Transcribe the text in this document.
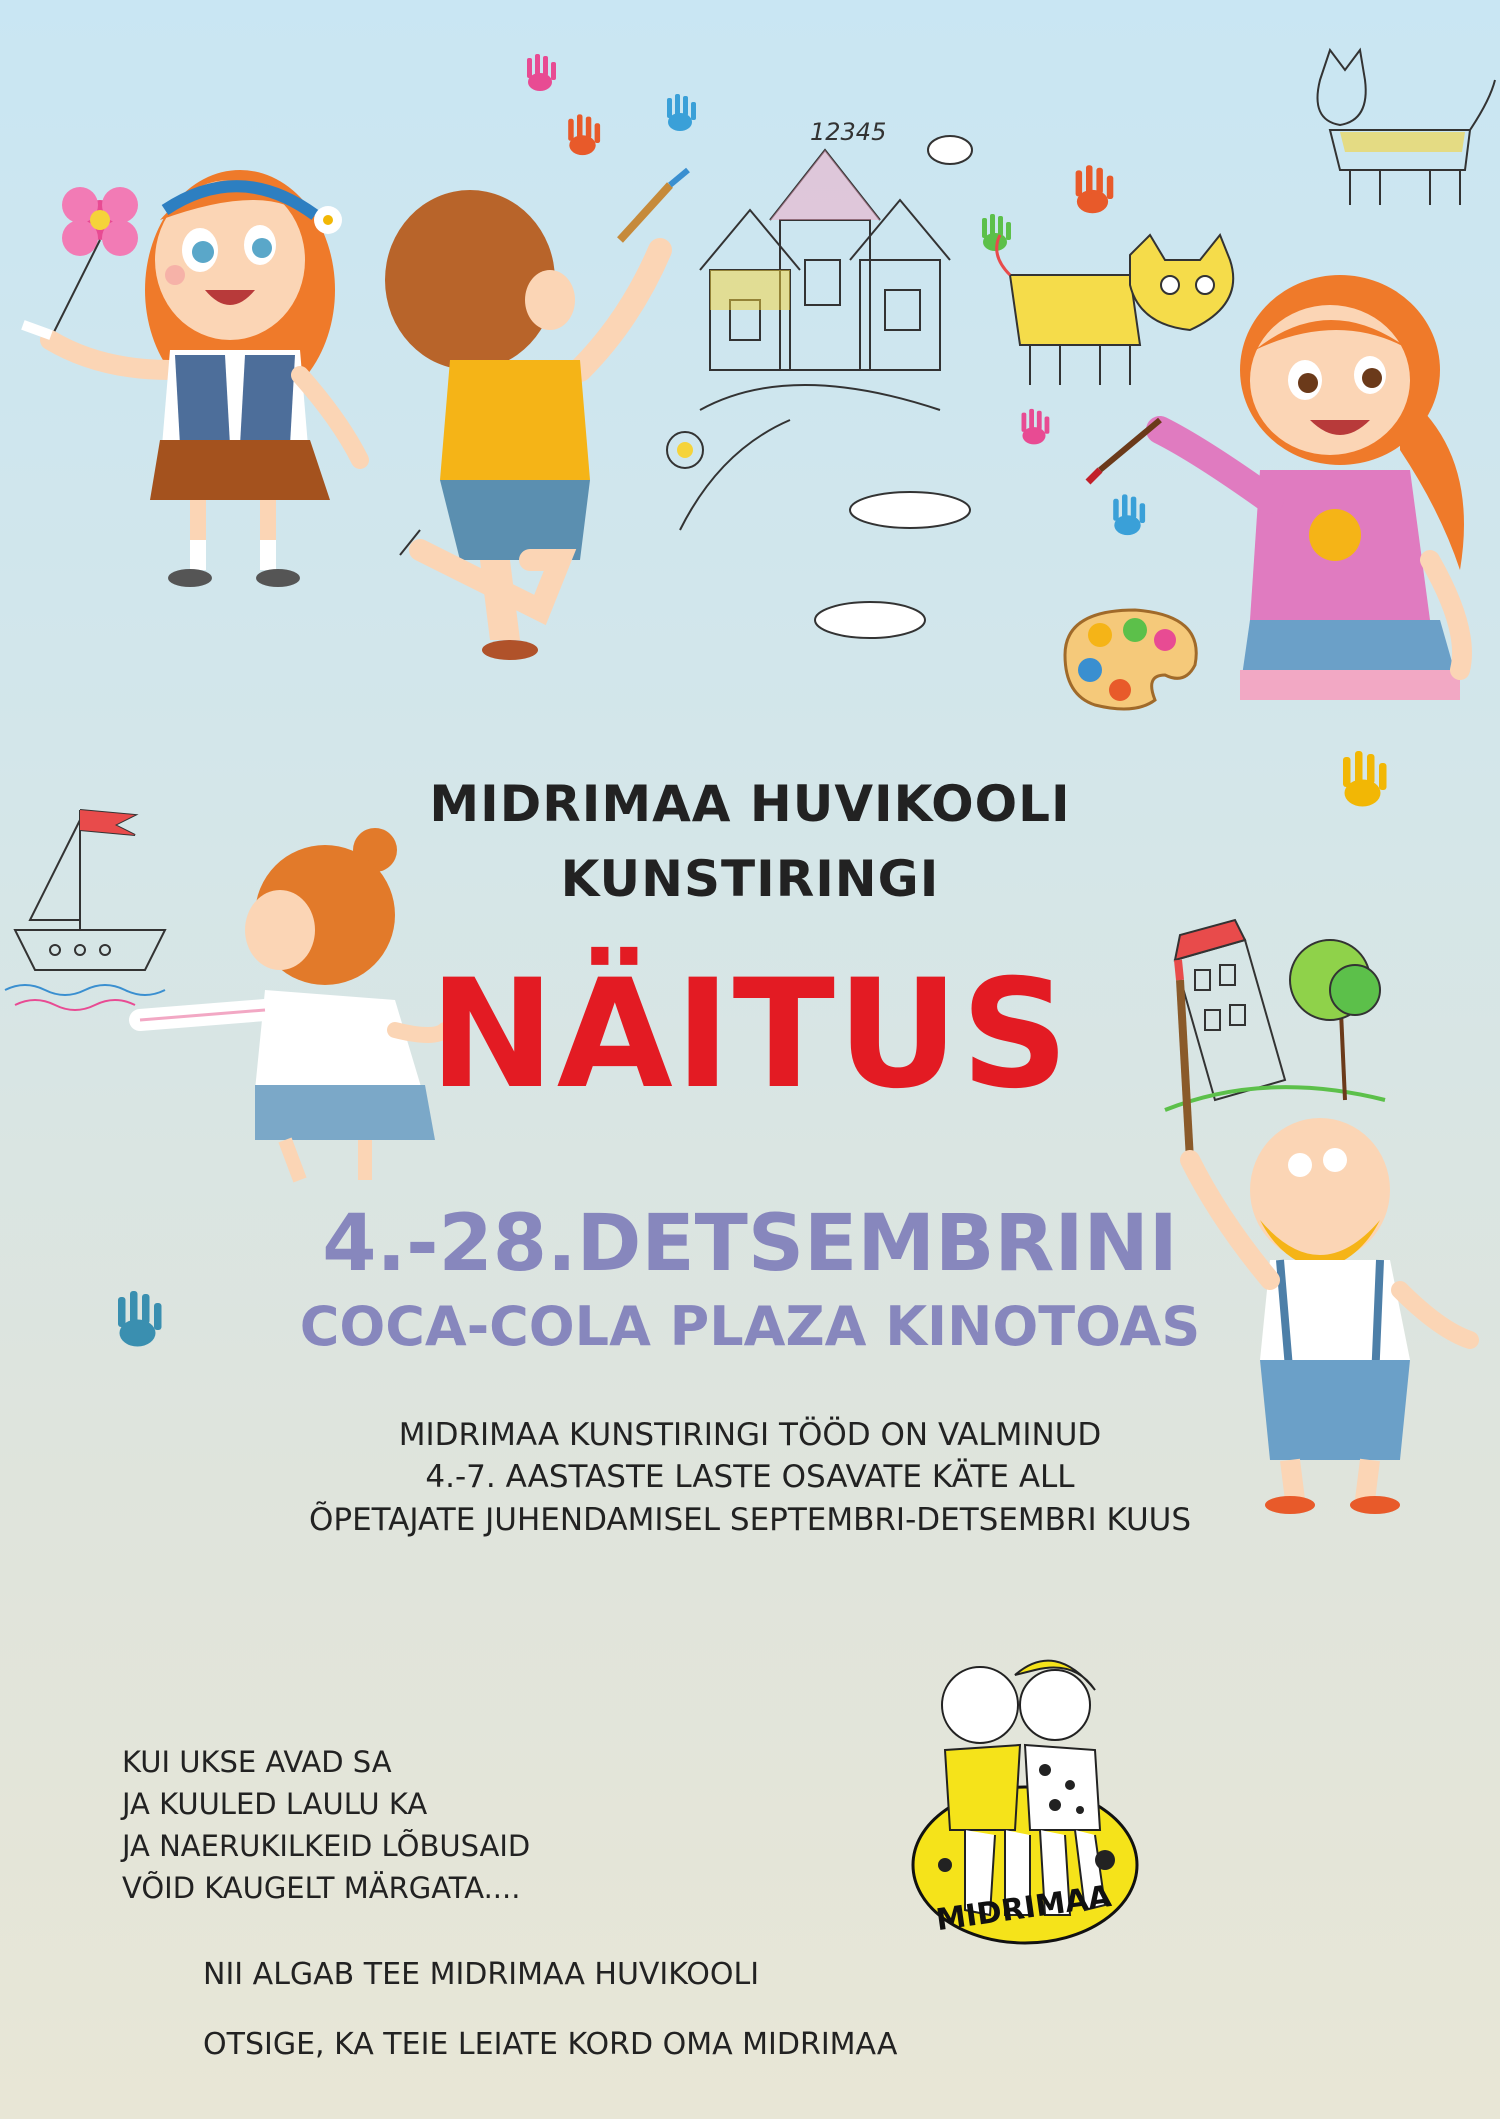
12345
MIDRIMAA
MIDRIMAA HUVIKOOLI
KUNSTIRINGI
NÄITUS
4.-28.DETSEMBRINI
COCA-COLA PLAZA KINOTOAS
MIDRIMAA KUNSTIRINGI TÖÖD ON VALMINUD
4.-7. AASTASTE LASTE OSAVATE KÄTE ALL
ÕPETAJATE JUHENDAMISEL SEPTEMBRI-DETSEMBRI KUUS
KUI UKSE AVAD SA
JA KUULED LAULU KA
JA NAERUKILKEID LÕBUSAID
VÕID KAUGELT MÄRGATA....
NII ALGAB TEE MIDRIMAA HUVIKOOLI
OTSIGE, KA TEIE LEIATE KORD OMA MIDRIMAA
